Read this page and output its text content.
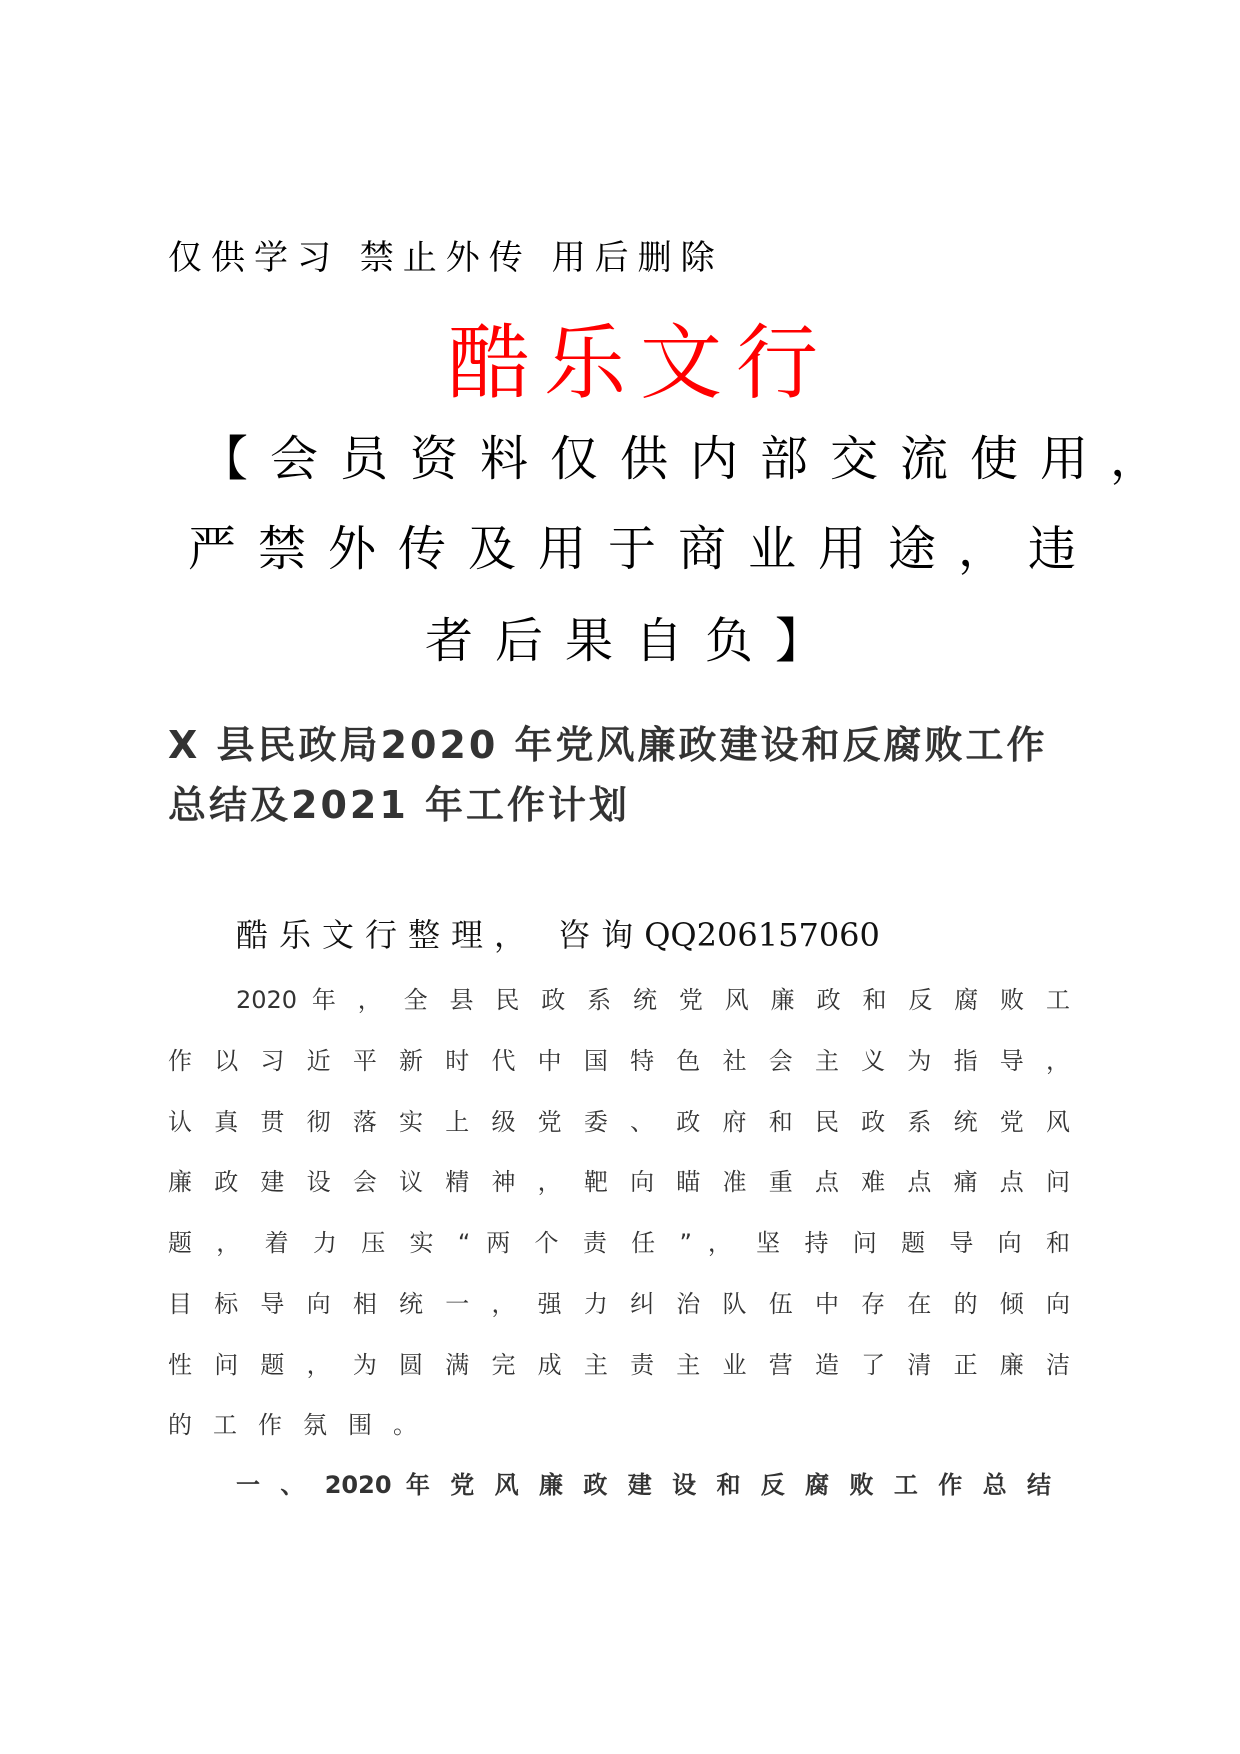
仅供学习 禁止外传 用后删除
酷乐文行
【会员资料仅供内部交流使用，
严禁外传及用于商业用途，违
者后果自负】
X 县民政局2020 年党风廉政建设和反腐败工作
总结及2021 年工作计划
酷乐文行整理， 咨询QQ206157060
2020 年 ， 全 县 民 政 系 统 党 风 廉 政 和 反 腐 败 工
作 以 习 近 平 新 时 代 中 国 特 色 社 会 主 义 为 指 导 ，
认 真 贯 彻 落 实 上 级 党 委 、 政 府 和 民 政 系 统 党 风
廉 政 建 设 会 议 精 神 ， 靶 向 瞄 准 重 点 难 点 痛 点 问
题 ， 着 力 压 实 “ 两 个 责 任 ” ， 坚 持 问 题 导 向 和
目 标 导 向 相 统 一 ， 强 力 纠 治 队 伍 中 存 在 的 倾 向
性 问 题 ， 为 圆 满 完 成 主 责 主 业 营 造 了 清 正 廉 洁
的工作氛围。
一 、 2020 年 党 风 廉 政 建 设 和 反 腐 败 工 作 总 结
